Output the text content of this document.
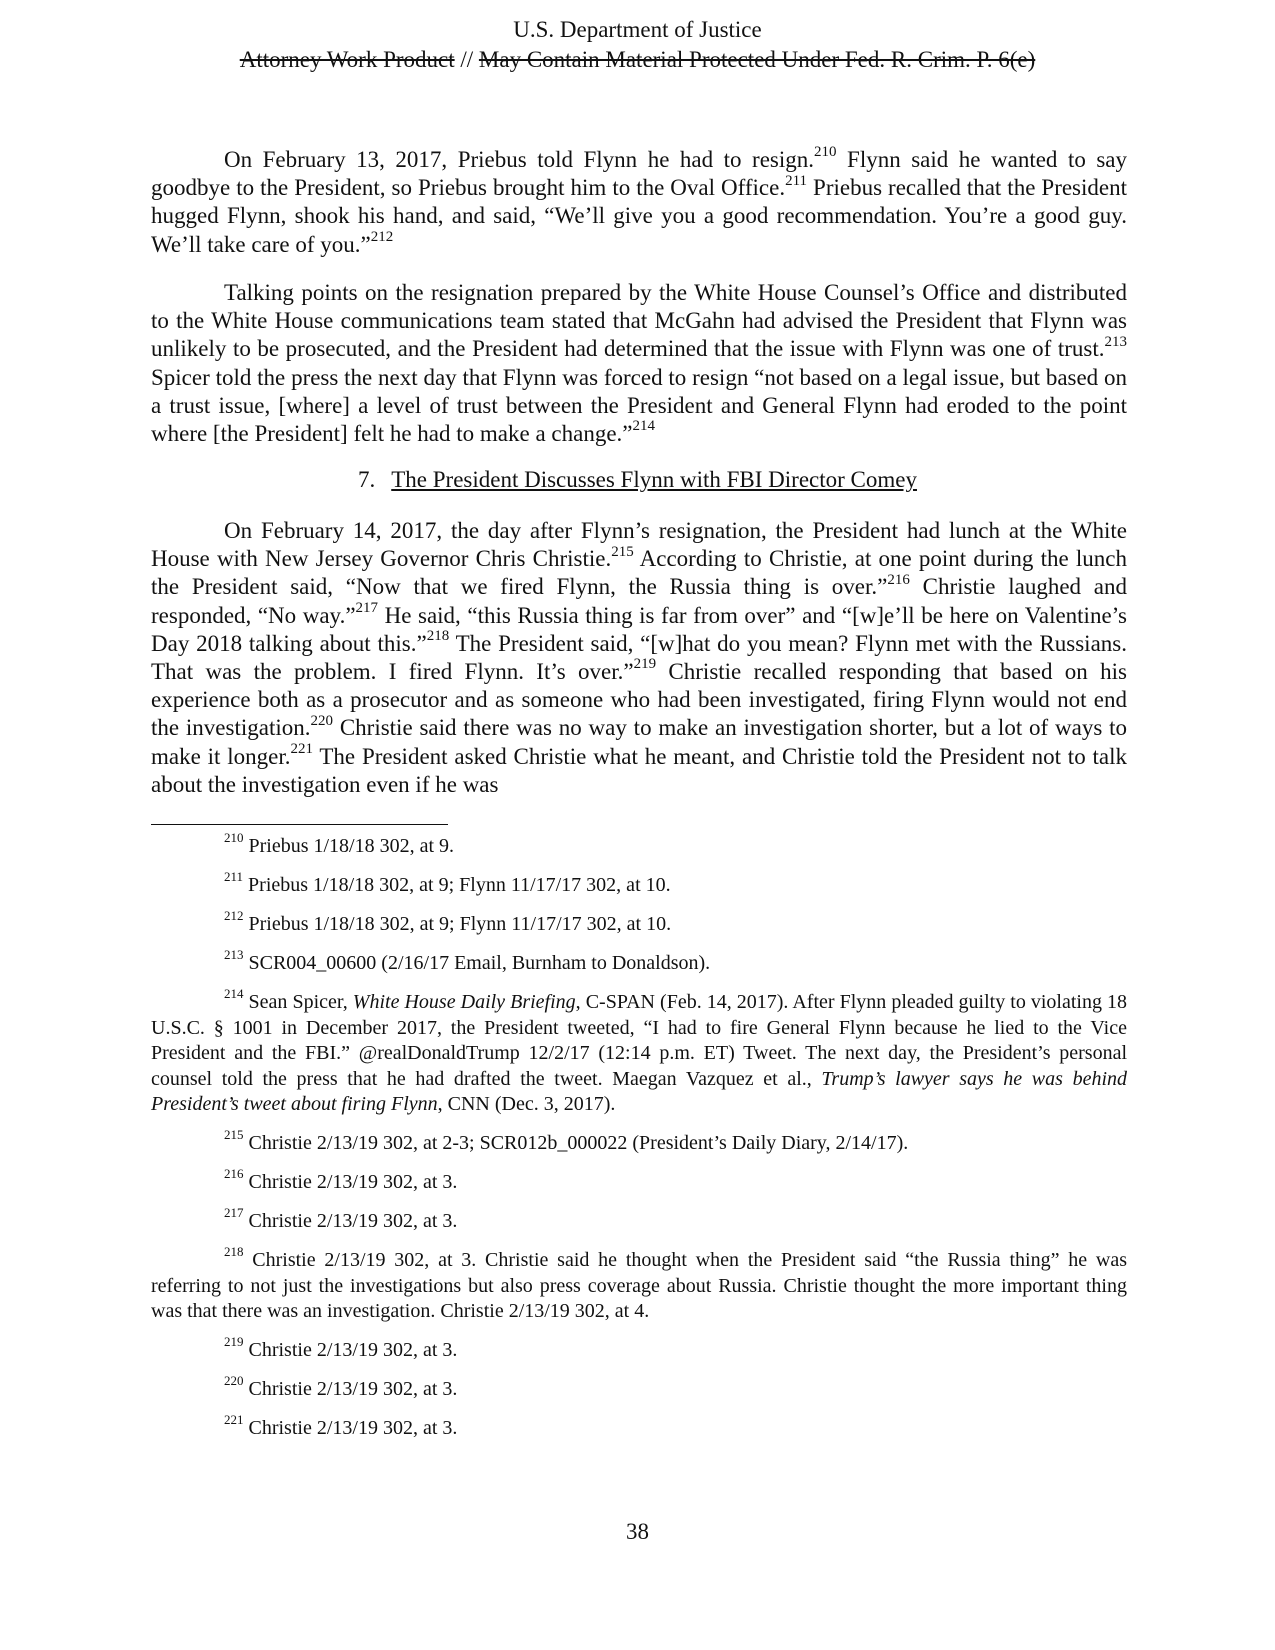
U.S. Department of Justice
Attorney Work Product // May Contain Material Protected Under Fed. R. Crim. P. 6(e)

On February 13, 2017, Priebus told Flynn he had to resign.$^{210}$ Flynn said he wanted to say goodbye to the President, so Priebus brought him to the Oval Office.$^{211}$ Priebus recalled that the President hugged Flynn, shook his hand, and said, “We’ll give you a good recommendation. You’re a good guy. We’ll take care of you.”$^{212}$

Talking points on the resignation prepared by the White House Counsel’s Office and distributed to the White House communications team stated that McGahn had advised the President that Flynn was unlikely to be prosecuted, and the President had determined that the issue with Flynn was one of trust.$^{213}$ Spicer told the press the next day that Flynn was forced to resign “not based on a legal issue, but based on a trust issue, [where] a level of trust between the President and General Flynn had eroded to the point where [the President] felt he had to make a change.”$^{214}$

7. The President Discusses Flynn with FBI Director Comey

On February 14, 2017, the day after Flynn’s resignation, the President had lunch at the White House with New Jersey Governor Chris Christie.$^{215}$ According to Christie, at one point during the lunch the President said, “Now that we fired Flynn, the Russia thing is over.”$^{216}$ Christie laughed and responded, “No way.”$^{217}$ He said, “this Russia thing is far from over” and “[w]e’ll be here on Valentine’s Day 2018 talking about this.”$^{218}$ The President said, “[w]hat do you mean? Flynn met with the Russians. That was the problem. I fired Flynn. It’s over.”$^{219}$ Christie recalled responding that based on his experience both as a prosecutor and as someone who had been investigated, firing Flynn would not end the investigation.$^{220}$ Christie said there was no way to make an investigation shorter, but a lot of ways to make it longer.$^{221}$ The President asked Christie what he meant, and Christie told the President not to talk about the investigation even if he was

$^{210}$ Priebus 1/18/18 302, at 9.

$^{211}$ Priebus 1/18/18 302, at 9; Flynn 11/17/17 302, at 10.

$^{212}$ Priebus 1/18/18 302, at 9; Flynn 11/17/17 302, at 10.

$^{213}$ SCR004_00600 (2/16/17 Email, Burnham to Donaldson).

$^{214}$ Sean Spicer, White House Daily Briefing, C-SPAN (Feb. 14, 2017). After Flynn pleaded guilty to violating 18 U.S.C. § 1001 in December 2017, the President tweeted, “I had to fire General Flynn because he lied to the Vice President and the FBI.” @realDonaldTrump 12/2/17 (12:14 p.m. ET) Tweet. The next day, the President’s personal counsel told the press that he had drafted the tweet. Maegan Vazquez et al., Trump’s lawyer says he was behind President’s tweet about firing Flynn, CNN (Dec. 3, 2017).

$^{215}$ Christie 2/13/19 302, at 2-3; SCR012b_000022 (President’s Daily Diary, 2/14/17).

$^{216}$ Christie 2/13/19 302, at 3.

$^{217}$ Christie 2/13/19 302, at 3.

$^{218}$ Christie 2/13/19 302, at 3. Christie said he thought when the President said “the Russia thing” he was referring to not just the investigations but also press coverage about Russia. Christie thought the more important thing was that there was an investigation. Christie 2/13/19 302, at 4.

$^{219}$ Christie 2/13/19 302, at 3.

$^{220}$ Christie 2/13/19 302, at 3.

$^{221}$ Christie 2/13/19 302, at 3.

38
